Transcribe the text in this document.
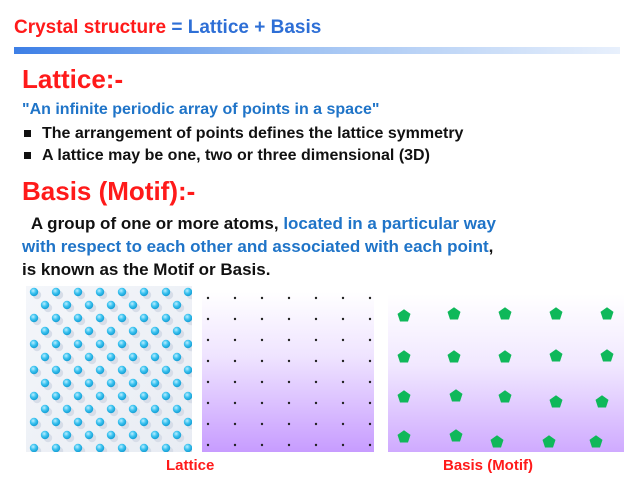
Crystal structure = Lattice + Basis
Lattice:-
"An infinite periodic array of points in a space"
The arrangement of points defines the lattice symmetry
A lattice may be one, two or three dimensional (3D)
Basis (Motif):-
A group of one or more atoms, located in a particular way
with respect to each other and associated with each point,
is known as the Motif or Basis.
Lattice	Basis (Motif)
